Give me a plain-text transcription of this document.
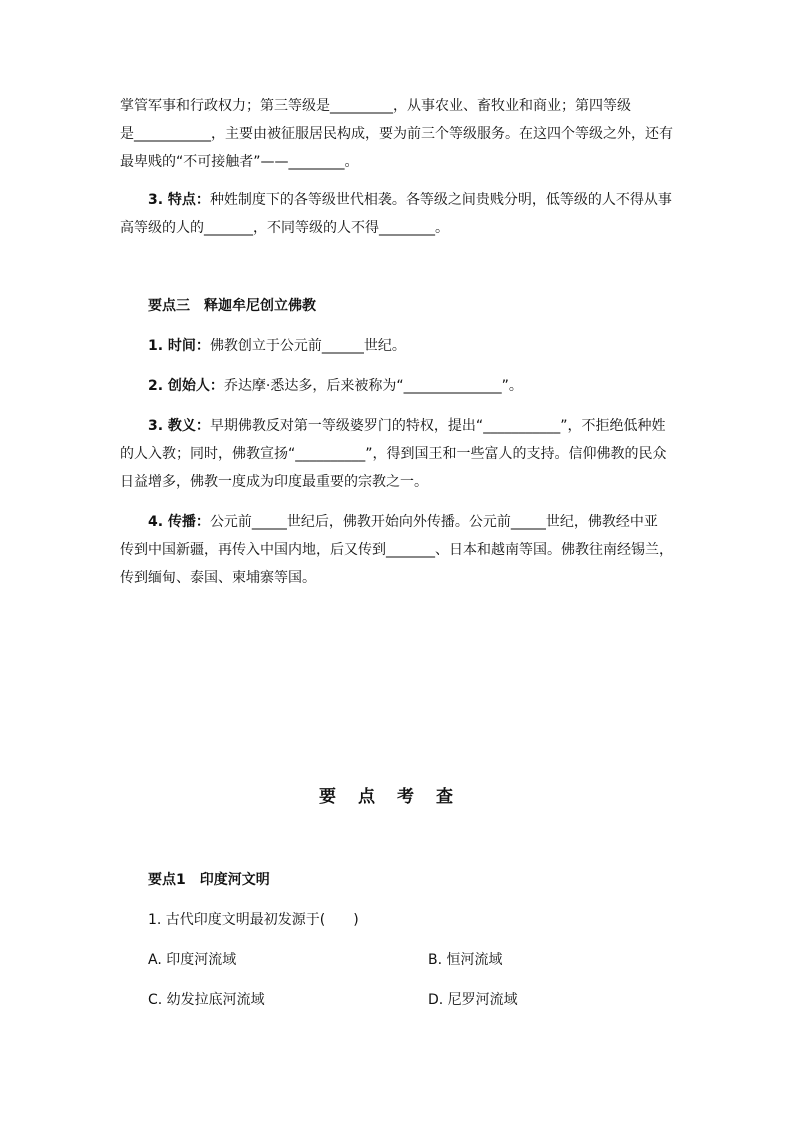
掌管军事和行政权力；第三等级是_________，从事农业、畜牧业和商业；第四等级
是___________，主要由被征服居民构成，要为前三个等级服务。在这四个等级之外，还有
最卑贱的“不可接触者”——________。
3. 特点：种姓制度下的各等级世代相袭。各等级之间贵贱分明，低等级的人不得从事
高等级的人的_______，不同等级的人不得________。
要点三　释迦牟尼创立佛教
1. 时间：佛教创立于公元前______世纪。
2. 创始人：乔达摩·悉达多，后来被称为“______________”。
3. 教义：早期佛教反对第一等级婆罗门的特权，提出“___________”，不拒绝低种姓
的人入教；同时，佛教宣扬“__________”，得到国王和一些富人的支持。信仰佛教的民众
日益增多，佛教一度成为印度最重要的宗教之一。
4. 传播：公元前_____世纪后，佛教开始向外传播。公元前_____世纪，佛教经中亚
传到中国新疆，再传入中国内地，后又传到_______、日本和越南等国。佛教往南经锡兰，
传到缅甸、泰国、柬埔寨等国。
要点考查
要点1　印度河文明
1. 古代印度文明最初发源于(　　)
A. 印度河流域	B. 恒河流域
C. 幼发拉底河流域	D. 尼罗河流域
